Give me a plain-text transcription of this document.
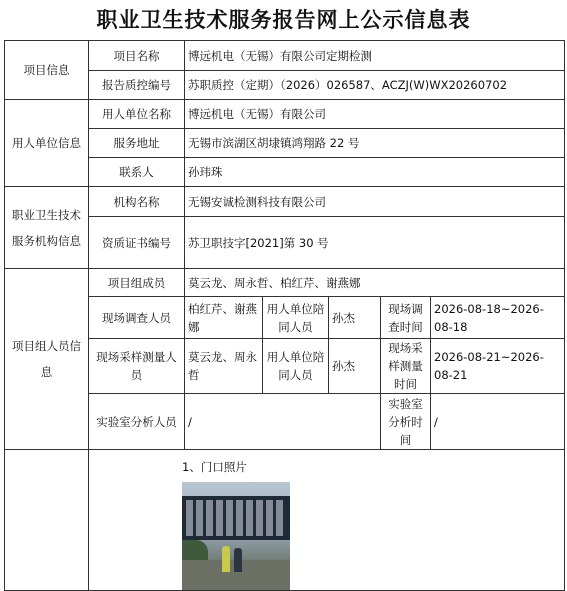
职业卫生技术服务报告网上公示信息表
项目信息	项目名称	博远机电（无锡）有限公司定期检测				
	报告质控编号	苏职质控（定期）（2026）026587、ACZJ(W)WX20260702				
用人单位信息	用人单位名称	博远机电（无锡）有限公司				
	服务地址	无锡市滨湖区胡埭镇鸿翔路 22 号				
	联系人	孙玮珠				
职业卫生技术服务机构信息	机构名称	无锡安诚检测科技有限公司				
	资质证书编号	苏卫职技字[2021]第 30 号				
项目组人员信息	项目组成员	莫云龙、周永哲、柏红芹、谢燕娜				
	现场调查人员	柏红芹、谢燕娜	用人单位陪同人员	孙杰	现场调查时间	2026-08-18~2026-08-18
	现场采样测量人员	莫云龙、周永哲	用人单位陪同人员	孙杰	现场采样测量时间	2026-08-21~2026-08-21
	实验室分析人员	/			实验室分析时间	/

	1、门口照片					
